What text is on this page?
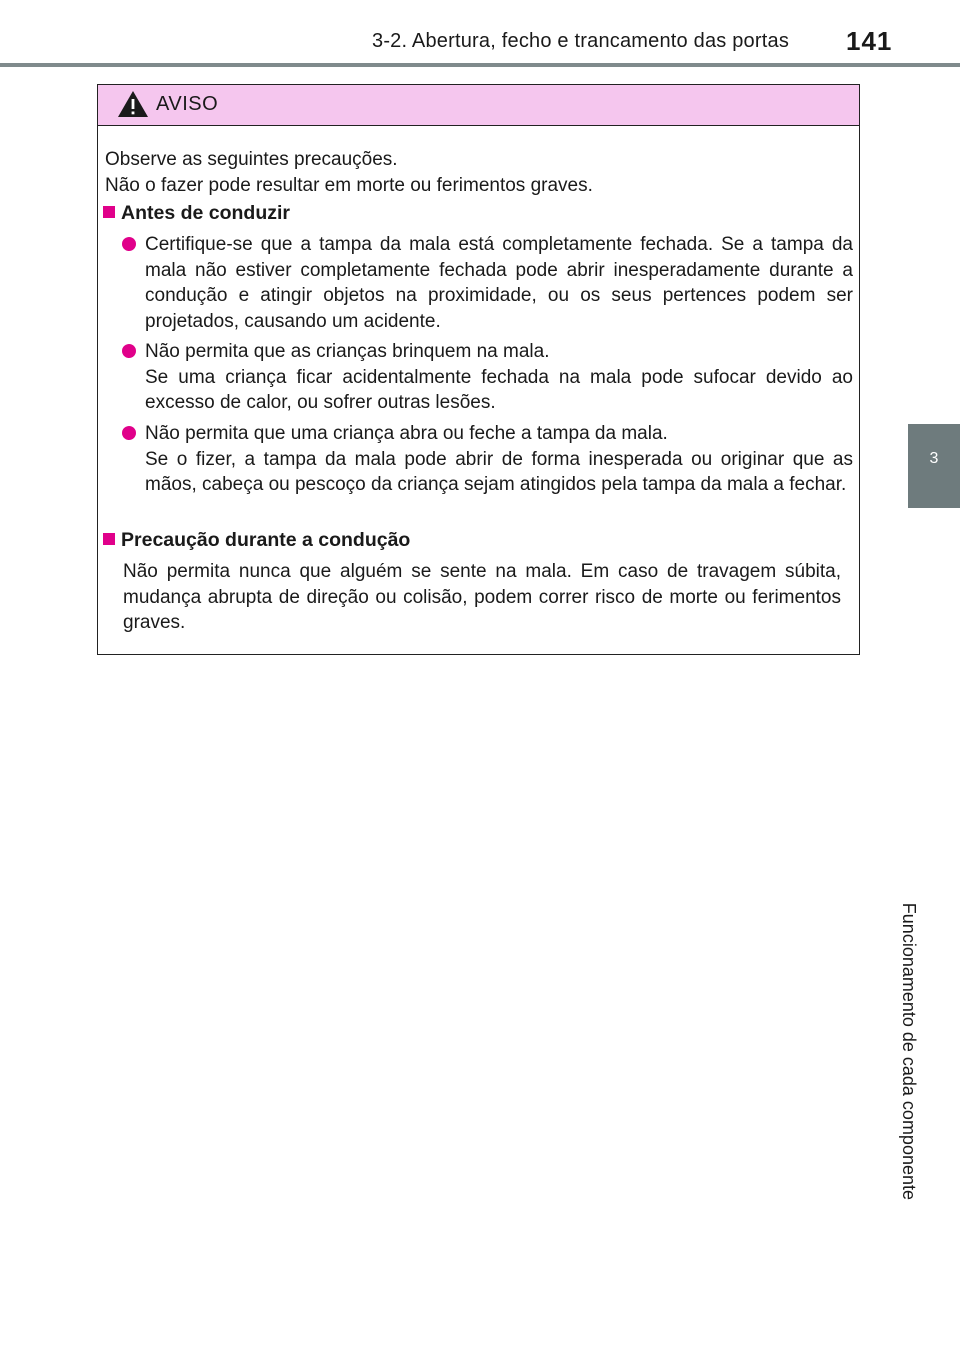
3-2. Abertura, fecho e trancamento das portas 141
3
Funcionamento de cada componente
AVISO
Observe as seguintes precauções.
Não o fazer pode resultar em morte ou ferimentos graves.
Antes de conduzir

Certifique-se que a tampa da mala está completamente fechada. Se a tampa da mala não estiver completamente fechada pode abrir inesperadamente durante a condução e atingir objetos na proximidade, ou os seus pertences podem ser projetados, causando um acidente.

Não permita que as crianças brinquem na mala.

Se uma criança ficar acidentalmente fechada na mala pode sufocar devido ao excesso de calor, ou sofrer outras lesões.

Não permita que uma criança abra ou feche a tampa da mala.

Se o fizer, a tampa da mala pode abrir de forma inesperada ou originar que as mãos, cabeça ou pescoço da criança sejam atingidos pela tampa da mala a fechar.

Precaução durante a condução
Não permita nunca que alguém se sente na mala. Em caso de travagem súbita, mudança abrupta de direção ou colisão, podem correr risco de morte ou ferimentos graves.
